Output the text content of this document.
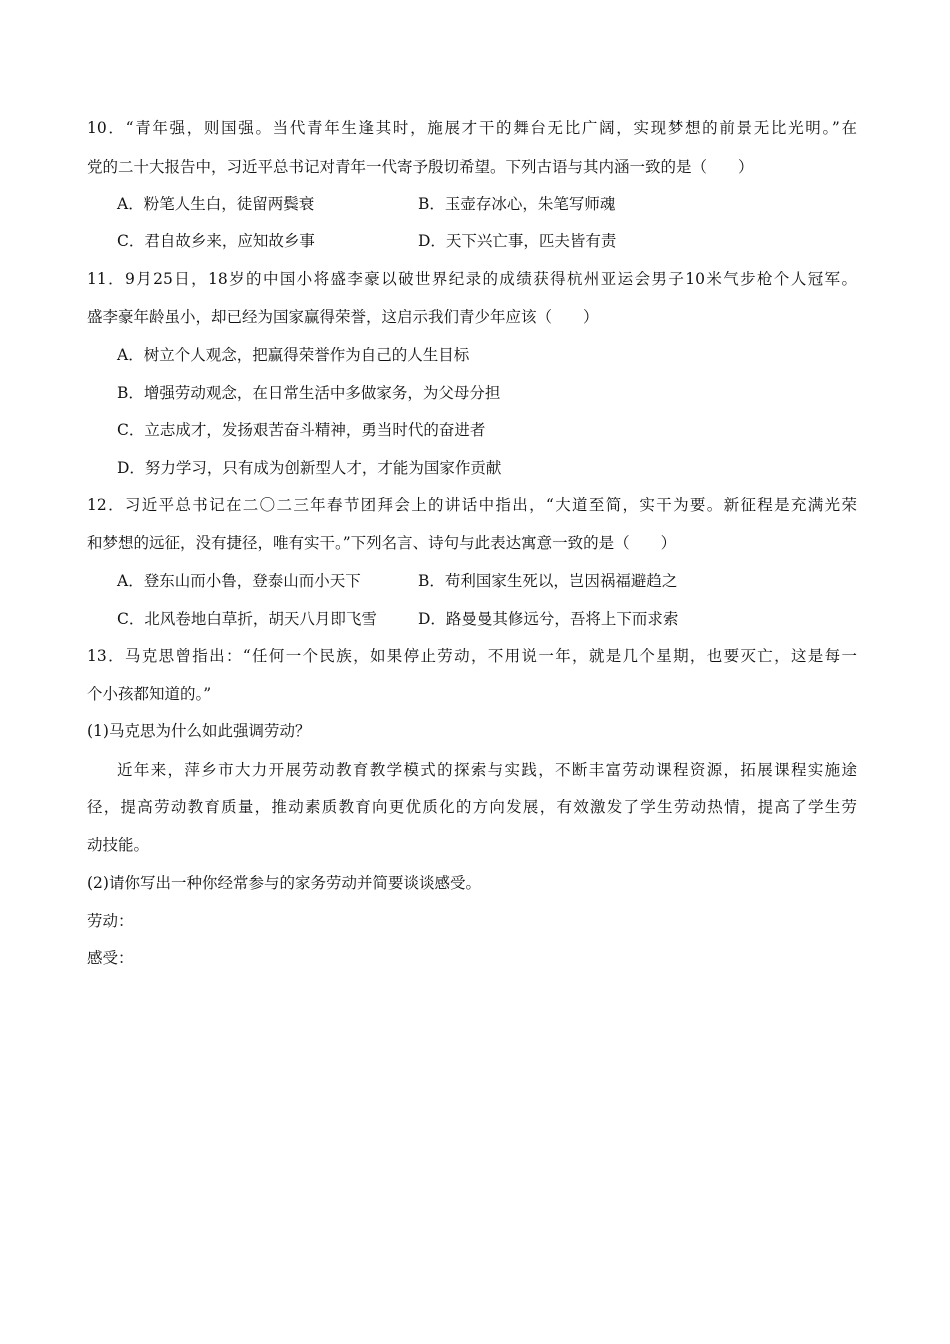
10．“青年强，则国强。当代青年生逢其时，施展才干的舞台无比广阔，实现梦想的前景无比光明。”在
党的二十大报告中，习近平总书记对青年一代寄予殷切希望。下列古语与其内涵一致的是（　　）
A．粉笔人生白，徒留两鬓衰	B．玉壶存冰心，朱笔写师魂
C．君自故乡来，应知故乡事	D．天下兴亡事，匹夫皆有责
11．9月25日，18岁的中国小将盛李豪以破世界纪录的成绩获得杭州亚运会男子10米气步枪个人冠军。
盛李豪年龄虽小，却已经为国家赢得荣誉，这启示我们青少年应该（　　）
A．树立个人观念，把赢得荣誉作为自己的人生目标
B．增强劳动观念，在日常生活中多做家务，为父母分担
C．立志成才，发扬艰苦奋斗精神，勇当时代的奋进者
D．努力学习，只有成为创新型人才，才能为国家作贡献
12．习近平总书记在二〇二三年春节团拜会上的讲话中指出，“大道至简，实干为要。新征程是充满光荣
和梦想的远征，没有捷径，唯有实干。”下列名言、诗句与此表达寓意一致的是（　　）
A．登东山而小鲁，登泰山而小天下	B．苟利国家生死以，岂因祸福避趋之
C．北风卷地白草折，胡天八月即飞雪	D．路曼曼其修远兮，吾将上下而求索
13．马克思曾指出：“任何一个民族，如果停止劳动，不用说一年，就是几个星期，也要灭亡，这是每一
个小孩都知道的。”
(1)马克思为什么如此强调劳动？
近年来，萍乡市大力开展劳动教育教学模式的探索与实践，不断丰富劳动课程资源，拓展课程实施途
径，提高劳动教育质量，推动素质教育向更优质化的方向发展，有效激发了学生劳动热情，提高了学生劳
动技能。
(2)请你写出一种你经常参与的家务劳动并简要谈谈感受。
劳动：
感受：
